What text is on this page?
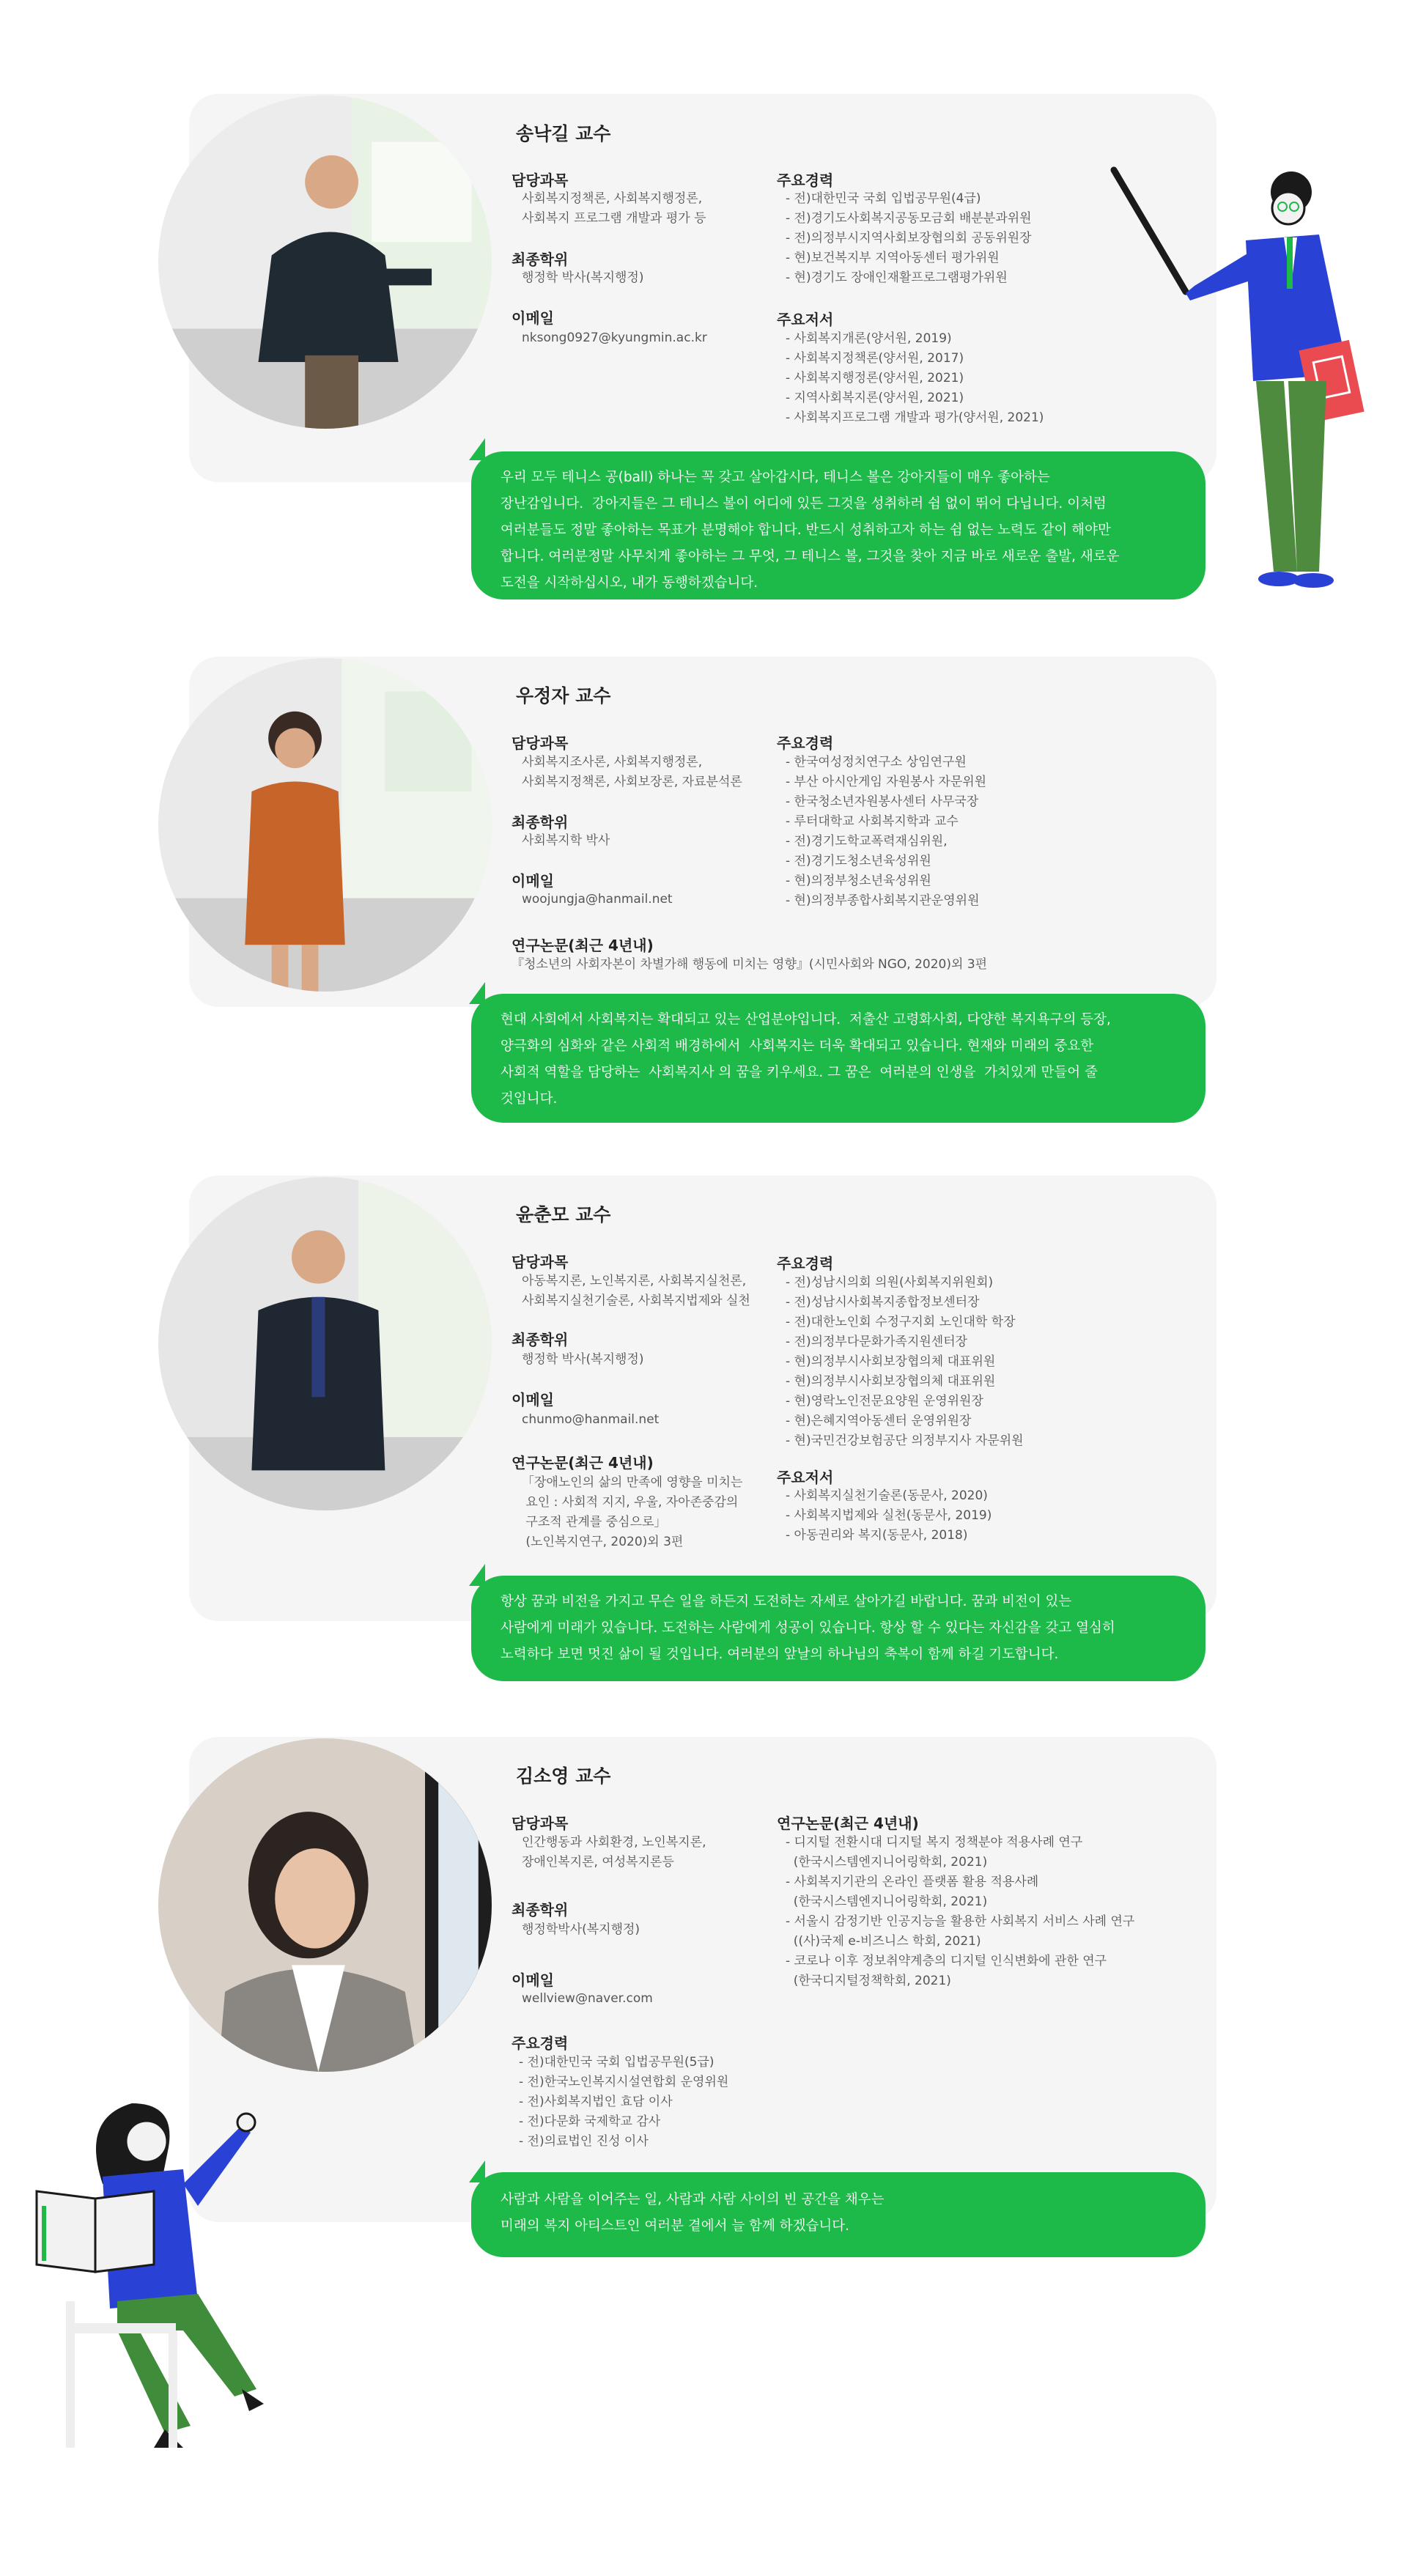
송낙길 교수
담당과목
사회복지정책론, 사회복지행정론,
사회복지 프로그램 개발과 평가 등
최종학위
행정학 박사(복지행정)
이메일
nksong0927@kyungmin.ac.kr
주요경력
- 전)대한민국 국회 입법공무원(4급)
- 전)경기도사회복지공동모금회 배분분과위원
- 전)의정부시지역사회보장협의회 공동위원장
- 현)보건복지부 지역아동센터 평가위원
- 현)경기도 장애인재활프로그램평가위원
주요저서
- 사회복지개론(양서원, 2019)
- 사회복지정책론(양서원, 2017)
- 사회복지행정론(양서원, 2021)
- 지역사회복지론(양서원, 2021)
- 사회복지프로그램 개발과 평가(양서원, 2021)
우리 모두 테니스 공(ball) 하나는 꼭 갖고 살아갑시다, 테니스 볼은 강아지들이 매우 좋아하는
장난감입니다.  강아지들은 그 테니스 볼이 어디에 있든 그것을 성취하러 쉼 없이 뛰어 다닙니다. 이처럼
여러분들도 정말 좋아하는 목표가 분명해야 합니다. 반드시 성취하고자 하는 쉼 없는 노력도 같이 해야만
합니다. 여러분정말 사무치게 좋아하는 그 무엇, 그 테니스 볼, 그것을 찾아 지금 바로 새로운 출발, 새로운
도전을 시작하십시오, 내가 동행하겠습니다.
우정자 교수
담당과목
사회복지조사론, 사회복지행정론,
사회복지정책론, 사회보장론, 자료분석론
최종학위
사회복지학 박사
이메일
woojungja@hanmail.net
주요경력
- 한국여성정치연구소 상임연구원
- 부산 아시안게임 자원봉사 자문위원
- 한국청소년자원봉사센터 사무국장
- 루터대학교 사회복지학과 교수
- 전)경기도학교폭력재심위원,
- 전)경기도청소년육성위원
- 현)의정부청소년육성위원
- 현)의정부종합사회복지관운영위원
연구논문(최근 4년내)
『청소년의 사회자본이 차별가해 행동에 미치는 영향』(시민사회와 NGO, 2020)외 3편
현대 사회에서 사회복지는 확대되고 있는 산업분야입니다.  저출산 고령화사회, 다양한 복지욕구의 등장,
양극화의 심화와 같은 사회적 배경하에서  사회복지는 더욱 확대되고 있습니다. 현재와 미래의 중요한
사회적 역할을 담당하는  사회복지사 의 꿈을 키우세요. 그 꿈은  여러분의 인생을  가치있게 만들어 줄
것입니다.
윤춘모 교수
담당과목
아동복지론, 노인복지론, 사회복지실천론,
사회복지실천기술론, 사회복지법제와 실천
최종학위
행정학 박사(복지행정)
이메일
chunmo@hanmail.net
연구논문(최근 4년내)
「장애노인의 삶의 만족에 영향을 미치는
요인 : 사회적 지지, 우울, 자아존중감의
구조적 관계를 중심으로」
(노인복지연구, 2020)외 3편
주요경력
- 전)성남시의회 의원(사회복지위원회)
- 전)성남시사회복지종합정보센터장
- 전)대한노인회 수정구지회 노인대학 학장
- 전)의정부다문화가족지원센터장
- 현)의정부시사회보장협의체 대표위원
- 현)의정부시사회보장협의체 대표위원
- 현)영락노인전문요양원 운영위원장
- 현)은혜지역아동센터 운영위원장
- 현)국민건강보험공단 의정부지사 자문위원
주요저서
- 사회복지실천기술론(동문사, 2020)
- 사회복지법제와 실천(동문사, 2019)
- 아동권리와 복지(동문사, 2018)
항상 꿈과 비전을 가지고 무슨 일을 하든지 도전하는 자세로 살아가길 바랍니다. 꿈과 비전이 있는
사람에게 미래가 있습니다. 도전하는 사람에게 성공이 있습니다. 항상 할 수 있다는 자신감을 갖고 열심히
노력하다 보면 멋진 삶이 될 것입니다. 여러분의 앞날의 하나님의 축복이 함께 하길 기도합니다.
김소영 교수
담당과목
인간행동과 사회환경, 노인복지론,
장애인복지론, 여성복지론등
최종학위
행정학박사(복지행정)
이메일
wellview@naver.com
주요경력
- 전)대한민국 국회 입법공무원(5급)
- 전)한국노인복지시설연합회 운영위원
- 전)사회복지법인 효담 이사
- 전)다문화 국제학교 감사
- 전)의료법인 진성 이사
연구논문(최근 4년내)
- 디지털 전환시대 디지털 복지 정책분야 적용사례 연구
(한국시스템엔지니어링학회, 2021)
- 사회복지기관의 온라인 플랫폼 활용 적용사례
(한국시스템엔지니어링학회, 2021)
- 서울시 감정기반 인공지능을 활용한 사회복지 서비스 사례 연구
((사)국제 e-비즈니스 학회, 2021)
- 코로나 이후 정보취약계층의 디지털 인식변화에 관한 연구
(한국디지털정책학회, 2021)
사람과 사람을 이어주는 일, 사람과 사람 사이의 빈 공간을 채우는
미래의 복지 아티스트인 여러분 곁에서 늘 함께 하겠습니다.
